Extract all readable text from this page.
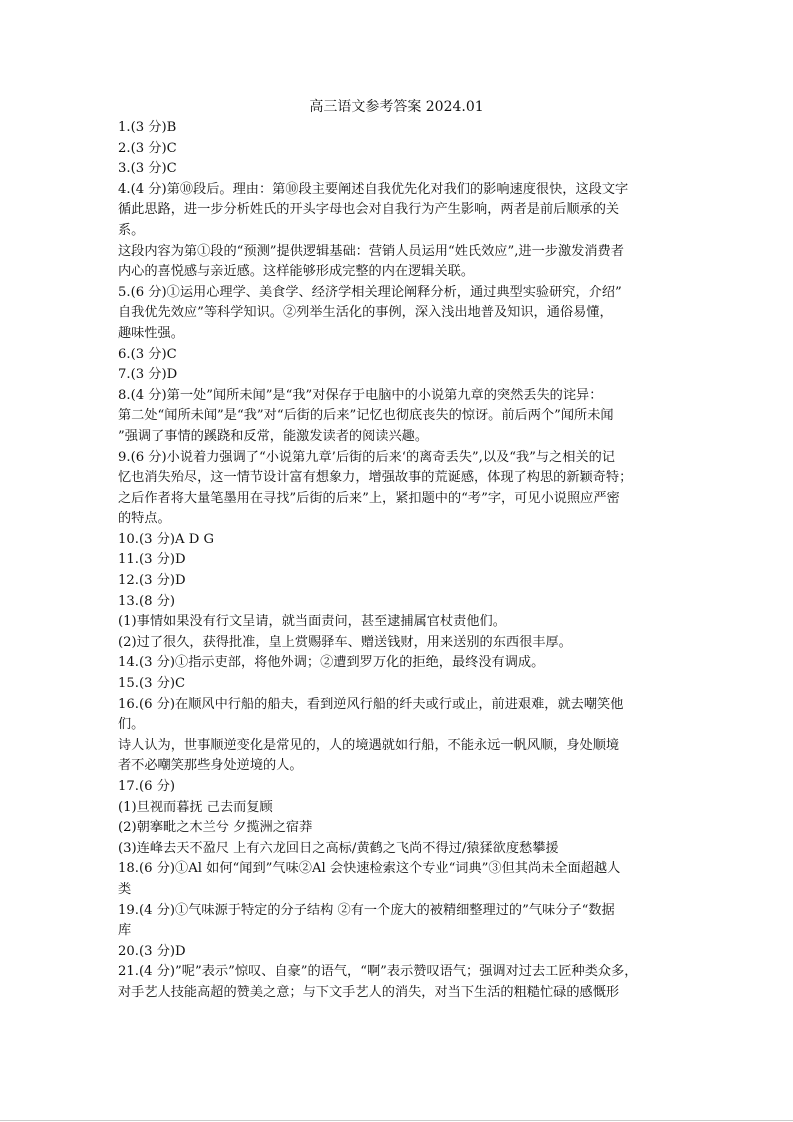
高三语文参考答案 2024.01
1.(3 分)B
2.(3 分)C
3.(3 分)C
4.(4 分)第⑩段后。理由：第⑩段主要阐述自我优先化对我们的影响速度很快，这段文字
循此思路，进一步分析姓氏的开头字母也会对自我行为产生影响，两者是前后顺承的关
系。
这段内容为第①段的“预测”提供逻辑基础：营销人员运用“姓氏效应”,进一步激发消费者
内心的喜悦感与亲近感。这样能够形成完整的内在逻辑关联。
5.(6 分)①运用心理学、美食学、经济学相关理论阐释分析，通过典型实验研究，介绍”
自我优先效应”等科学知识。②列举生活化的事例，深入浅出地普及知识，通俗易懂，
趣味性强。
6.(3 分)C
7.(3 分)D
8.(4 分)第一处”闻所未闻”是“我”对保存于电脑中的小说第九章的突然丢失的诧异：
第二处“闻所未闻”是“我”对“后街的后来”记忆也彻底丧失的惊讶。前后两个”闻所未闻
”强调了事情的蹊跷和反常，能激发读者的阅读兴趣。
9.(6 分)小说着力强调了“小说第九章’后街的后来‘的离奇丢失”,以及“我”与之相关的记
忆也消失殆尽，这一情节设计富有想象力，增强故事的荒诞感，体现了构思的新颖奇特；
之后作者将大量笔墨用在寻找”后街的后来”上，紧扣题中的“考”字，可见小说照应严密
的特点。
10.(3 分)A D G
11.(3 分)D
12.(3 分)D
13.(8 分)
(1)事情如果没有行文呈请，就当面责问，甚至逮捕属官杖责他们。
(2)过了很久，获得批准，皇上赏赐驿车、赠送钱财，用来送别的东西很丰厚。
14.(3 分)①指示吏部，将他外调；②遭到罗万化的拒绝，最终没有调成。
15.(3 分)C
16.(6 分)在顺风中行船的船夫，看到逆风行船的纤夫或行或止，前进艰难，就去嘲笑他
们。
诗人认为，世事顺逆变化是常见的，人的境遇就如行船，不能永远一帆风顺，身处顺境
者不必嘲笑那些身处逆境的人。
17.(6 分)
(1)旦视而暮抚 己去而复顾
(2)朝搴毗之木兰兮 夕揽洲之宿莽
(3)连峰去天不盈尺 上有六龙回日之高标/黄鹤之飞尚不得过/猿猱欲度愁攀援
18.(6 分)①Al 如何“闻到”气味②Al 会快速检索这个专业“词典”③但其尚未全面超越人
类
19.(4 分)①气味源于特定的分子结构 ②有一个庞大的被精细整理过的”气味分子“数据
库
20.(3 分)D
21.(4 分)”呢”表示”惊叹、自豪”的语气，“啊”表示赞叹语气；强调对过去工匠种类众多，
对手艺人技能高超的赞美之意；与下文手艺人的消失，对当下生活的粗糙忙碌的感慨形
